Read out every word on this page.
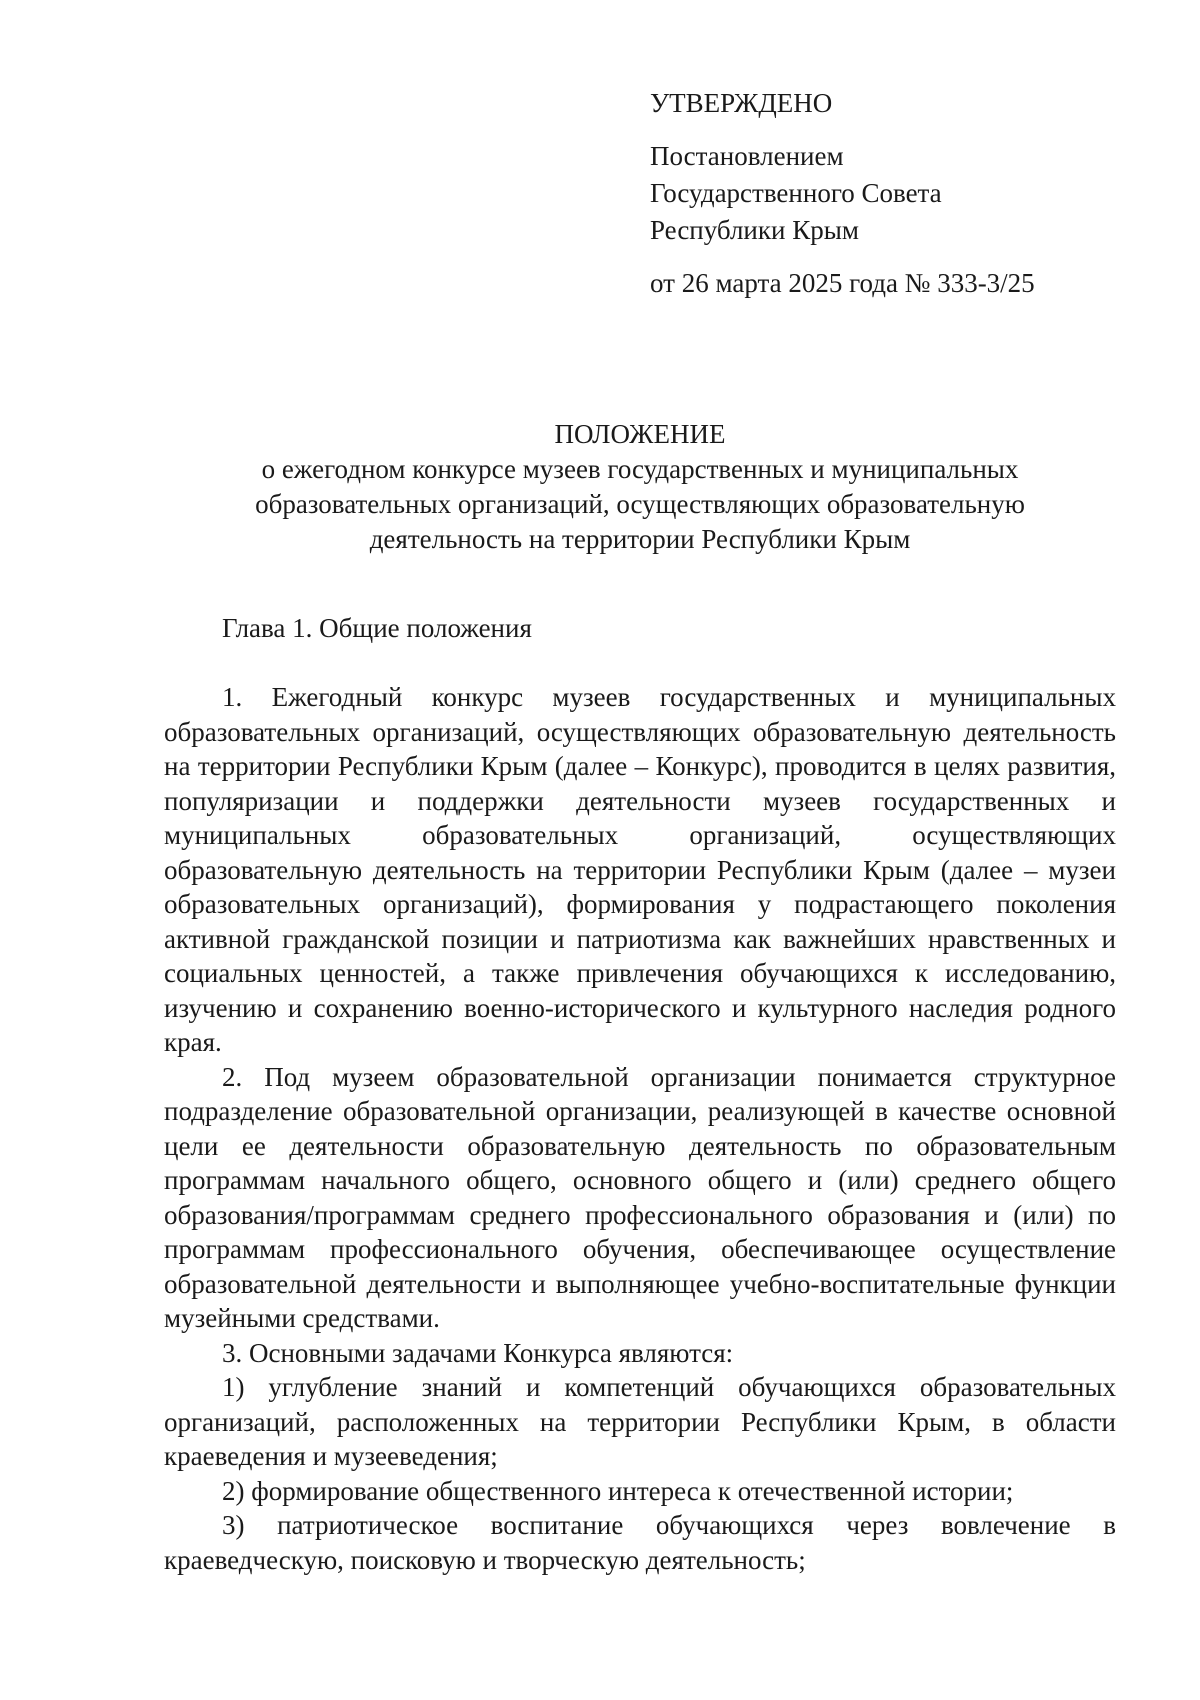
УТВЕРЖДЕНО
Постановлением
Государственного Совета
Республики Крым
от 26 марта 2025 года № 333-3/25
ПОЛОЖЕНИЕ
о ежегодном конкурсе музеев государственных и муниципальных
образовательных организаций, осуществляющих образовательную
деятельность на территории Республики Крым
Глава 1. Общие положения

1. Ежегодный конкурс музеев государственных и муниципальных образовательных организаций, осуществляющих образовательную деятельность на территории Республики Крым (далее – Конкурс), проводится в целях развития, популяризации и поддержки деятельности музеев государственных и муниципальных образовательных организаций, осуществляющих образовательную деятельность на территории Республики Крым (далее – музеи образовательных организаций), формирования у подрастающего поколения активной гражданской позиции и патриотизма как важнейших нравственных и социальных ценностей, а также привлечения обучающихся к исследованию, изучению и сохранению военно-исторического и культурного наследия родного края.

2. Под музеем образовательной организации понимается структурное подразделение образовательной организации, реализующей в качестве основной цели ее деятельности образовательную деятельность по образовательным программам начального общего, основного общего и (или) среднего общего образования/программам среднего профессионального образования и (или) по программам профессионального обучения, обеспечивающее осуществление образовательной деятельности и выполняющее учебно-воспитательные функции музейными средствами.

3. Основными задачами Конкурса являются:

1) углубление знаний и компетенций обучающихся образовательных организаций, расположенных на территории Республики Крым, в области краеведения и музееведения;

2) формирование общественного интереса к отечественной истории;

3) патриотическое воспитание обучающихся через вовлечение в краеведческую, поисковую и творческую деятельность;
